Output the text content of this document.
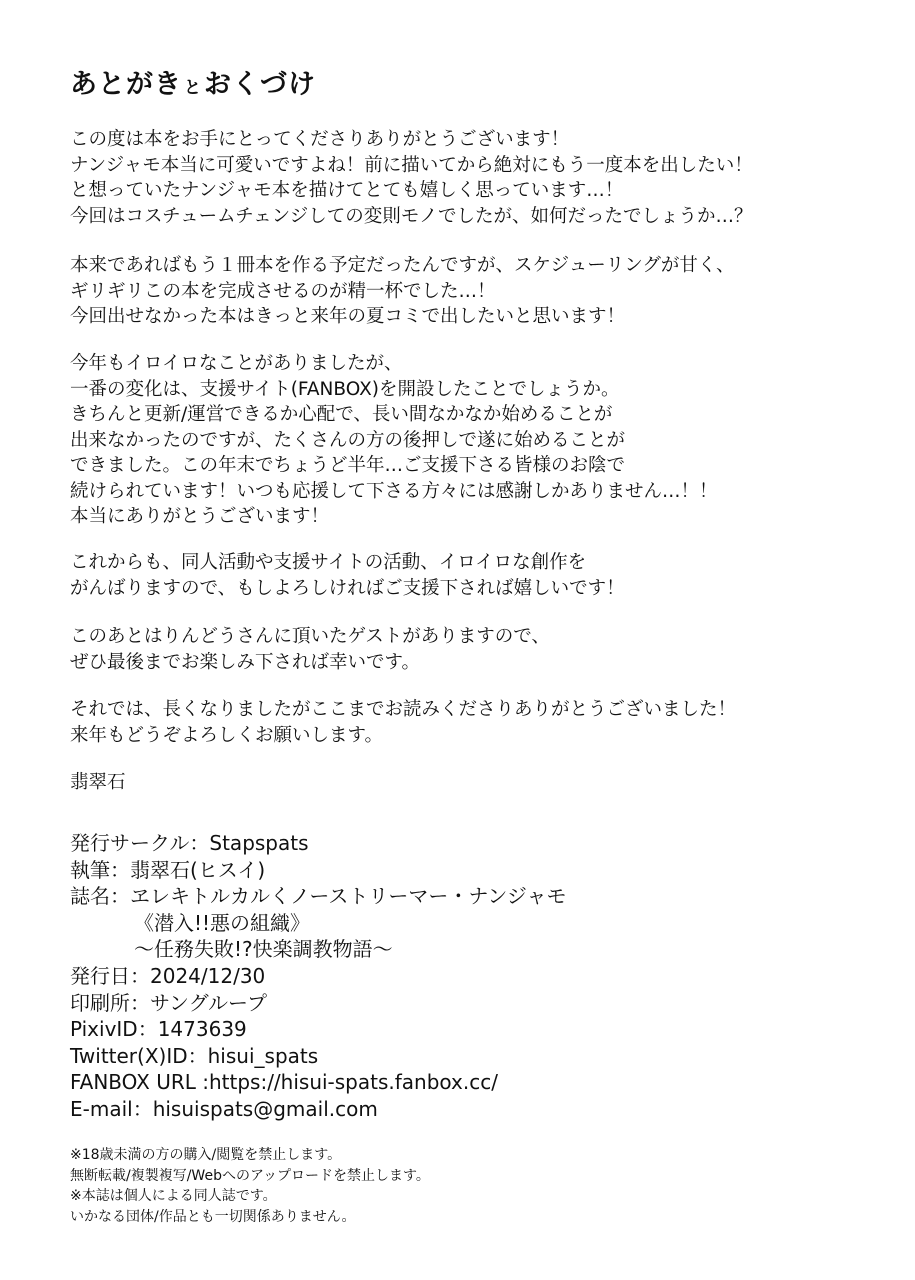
あとがき とおくづけ

この度は本をお手にとってくださりありがとうございます！
ナンジャモ本当に可愛いですよね！前に描いてから絶対にもう一度本を出したい！
と想っていたナンジャモ本を描けてとても嬉しく思っています…！
今回はコスチュームチェンジしての変則モノでしたが、如何だったでしょうか…？

本来であればもう１冊本を作る予定だったんですが、スケジューリングが甘く、
ギリギリこの本を完成させるのが精一杯でした…！
今回出せなかった本はきっと来年の夏コミで出したいと思います！

今年もイロイロなことがありましたが、
一番の変化は、支援サイト(FANBOX)を開設したことでしょうか。
きちんと更新/運営できるか心配で、長い間なかなか始めることが
出来なかったのですが、たくさんの方の後押しで遂に始めることが
できました。この年末でちょうど半年…ご支援下さる皆様のお陰で
続けられています！いつも応援して下さる方々には感謝しかありません…！！
本当にありがとうございます！

これからも、同人活動や支援サイトの活動、イロイロな創作を
がんばりますので、もしよろしければご支援下されば嬉しいです！

このあとはりんどうさんに頂いたゲストがありますので、
ぜひ最後までお楽しみ下されば幸いです。

それでは、長くなりましたがここまでお読みくださりありがとうございました！
来年もどうぞよろしくお願いします。

翡翠石
発行サークル：Stapspats
執筆：翡翠石(ヒスイ)
誌名：ヱレキトルカルくノーストリーマー・ナンジャモ
《潜入!!悪の組織》
～任務失敗!?快楽調教物語～
発行日：2024/12/30
印刷所：サングループ
PixivID：1473639
Twitter(X)ID：hisui_spats
FANBOX URL :https://hisui-spats.fanbox.cc/
E-mail：hisuispats@gmail.com
※18歳未満の方の購入/閲覧を禁止します。
無断転載/複製複写/Webへのアップロードを禁止します。
※本誌は個人による同人誌です。
いかなる団体/作品とも一切関係ありません。
